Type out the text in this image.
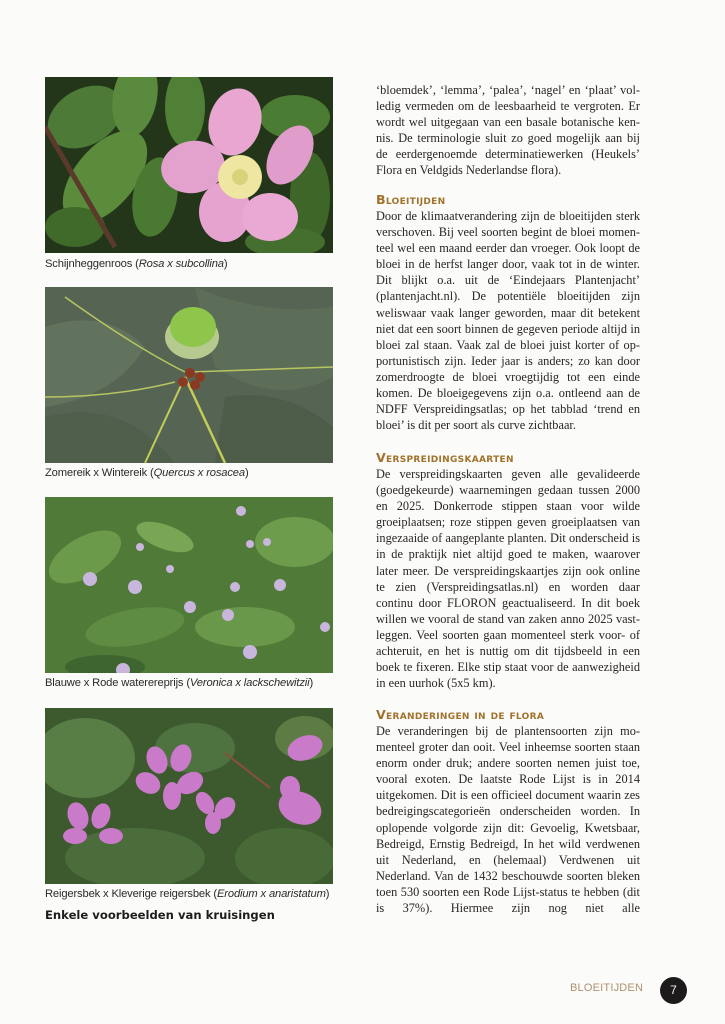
Schijnheggenroos (Rosa x subcollina)
Zomereik x Wintereik (Quercus x rosacea)
Blauwe x Rode waterereprijs (Veronica x lackschewitzii)
Reigersbek x Kleverige reigersbek (Erodium x anaristatum)
Enkele voorbeelden van kruisingen

‘bloemdek’, ‘lemma’, ‘palea’, ‘nagel’ en ‘plaat’ volledig vermeden om de leesbaarheid te vergroten. Er wordt wel uitgegaan van een basale botanische kennis. De terminologie sluit zo goed mogelijk aan bij de eerdergenoemde determinatiewerken (Heukels’ Flora en Veldgids Nederlandse flora).

Bloeitijden

Door de klimaatverandering zijn de bloeitijden sterk verschoven. Bij veel soorten begint de bloei momenteel wel een maand eerder dan vroeger. Ook loopt de bloei in de herfst langer door, vaak tot in de winter. Dit blijkt o.a. uit de ‘Eindejaars Plantenjacht’ (plantenjacht.nl). De potentiële bloeitijden zijn weliswaar vaak langer geworden, maar dit betekent niet dat een soort binnen de gegeven periode altijd in bloei zal staan. Vaak zal de bloei juist korter of opportunistisch zijn. Ieder jaar is anders; zo kan door zomerdroogte de bloei vroegtijdig tot een einde komen. De bloeigegevens zijn o.a. ontleend aan de NDFF Verspreidingsatlas; op het tabblad ‘trend en bloei’ is dit per soort als curve zichtbaar.

Verspreidingskaarten

De verspreidingskaarten geven alle gevalideerde (goedgekeurde) waarnemingen gedaan tussen 2000 en 2025. Donkerrode stippen staan voor wilde groeiplaatsen; roze stippen geven groeiplaatsen van ingezaaide of aangeplante planten. Dit onderscheid is in de praktijk niet altijd goed te maken, waarover later meer. De verspreidingskaartjes zijn ook online te zien (Verspreidingsatlas.nl) en worden daar continu door FLORON geactualiseerd. In dit boek willen we vooral de stand van zaken anno 2025 vastleggen. Veel soorten gaan momenteel sterk voor- of achteruit, en het is nuttig om dit tijdsbeeld in een boek te fixeren. Elke stip staat voor de aanwezigheid in een uurhok (5x5 km).

Veranderingen in de flora

De veranderingen bij de plantensoorten zijn momenteel groter dan ooit. Veel inheemse soorten staan enorm onder druk; andere soorten nemen juist toe, vooral exoten. De laatste Rode Lijst is in 2014 uitgekomen. Dit is een officieel document waarin zes bedreigingscategorieën onderscheiden worden. In oplopende volgorde zijn dit: Gevoelig, Kwetsbaar, Bedreigd, Ernstig Bedreigd, In het wild verdwenen uit Nederland, en (helemaal) Verdwenen uit Nederland. Van de 1432 beschouwde soorten bleken toen 530 soorten een Rode Lijst-status te hebben (dit is 37%). Hiermee zijn nog niet alle

BLOEITIJDEN	7
